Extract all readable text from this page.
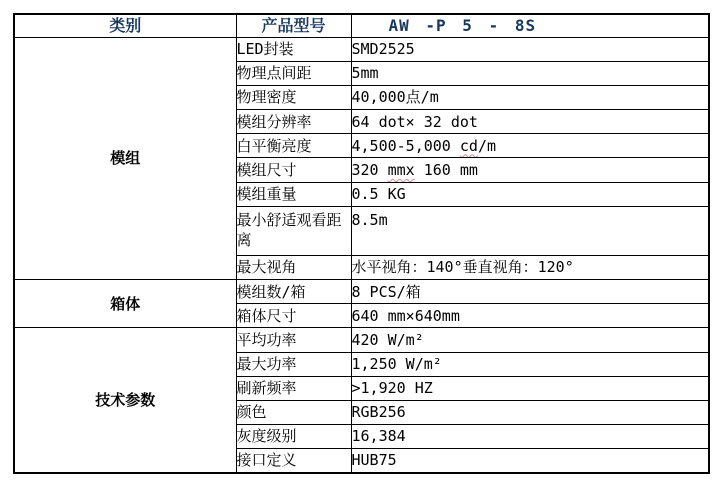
类别	产品型号	AW -P 5 - 8S
模组	LED封装	SMD2525
	物理点间距	5mm
	物理密度	40,000点/m
	模组分辨率	64 dot× 32 dot
	白平衡亮度	4,500-5,000 cd/m
	模组尺寸	320 mmx 160 mm
	模组重量	0.5 KG
	最小舒适观看距离	8.5m
	最大视角	水平视角：140°垂直视角：120°
箱体	模组数/箱	8 PCS/箱
	箱体尺寸	640 mm×640mm
技术参数	平均功率	420 W/m²
	最大功率	1,250 W/m²
	刷新频率	>1,920 HZ
	颜色	RGB256
	灰度级别	16,384
	接口定义	HUB75
